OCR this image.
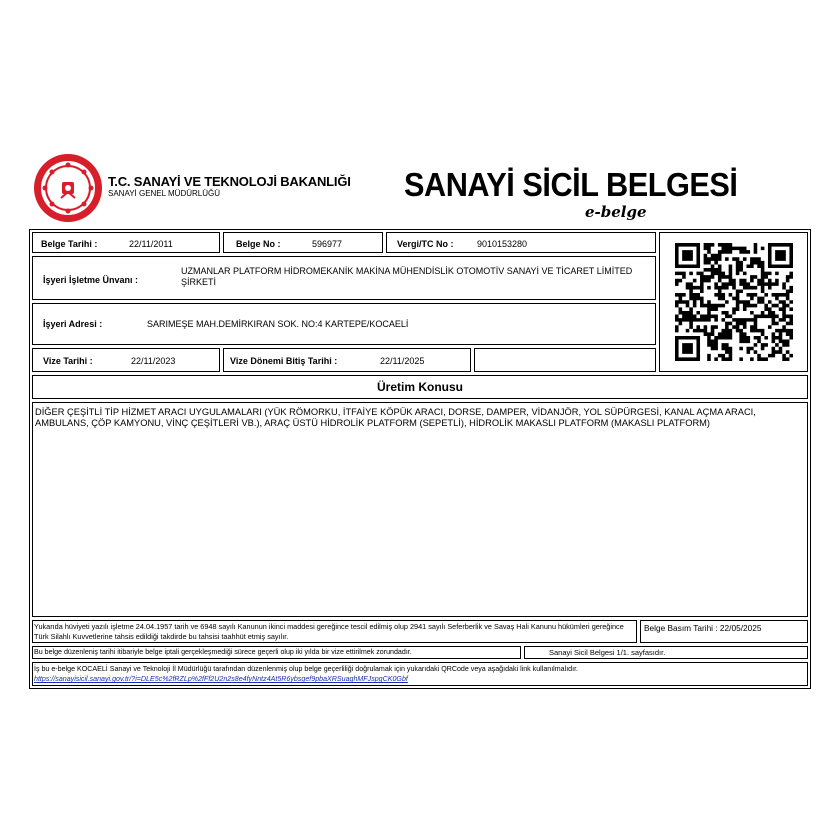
T.C. SANAYİ VE TEKNOLOJİ BAKANLIĞI
SANAYİ GENEL MÜDÜRLÜĞÜ	SANAYİ SİCİL BELGESİ
e-belge
Belge Tarihi :	22/11/2011	Belge No :	596977	Vergi/TC No :	9010153280
İşyeri İşletme Ünvanı :
UZMANLAR PLATFORM HİDROMEKANİK MAKİNA MÜHENDİSLİK OTOMOTİV SANAYİ VE TİCARET LİMİTED ŞİRKETİ
İşyeri Adresi :	SARIMEŞE MAH.DEMİRKIRAN SOK. NO:4 KARTEPE/KOCAELİ
Vize Tarihi :	22/11/2023	Vize Dönemi Bitiş Tarihi :	22/11/2025
Üretim Konusu
DİĞER ÇEŞİTLİ TİP HİZMET ARACI UYGULAMALARI (YÜK RÖMORKU, İTFAİYE KÖPÜK ARACI, DORSE, DAMPER, VİDANJÖR, YOL SÜPÜRGESİ, KANAL AÇMA ARACI, AMBULANS, ÇÖP KAMYONU, VİNÇ ÇEŞİTLERİ VB.), ARAÇ ÜSTÜ HİDROLİK PLATFORM (SEPETLİ), HİDROLİK MAKASLI PLATFORM (MAKASLI PLATFORM)
Yukarıda hüviyeti yazılı işletme 24.04.1957 tarih ve 6948 sayılı Kanunun ikinci maddesi gereğince tescil edilmiş olup 2941 sayılı Seferberlik ve Savaş Hali Kanunu hükümleri gereğince Türk Silahlı Kuvvetlerine tahsis edildiği takdirde bu tahsisi taahhüt etmiş sayılır.
Belge Basım Tarihi : 22/05/2025
Bu belge düzenleniş tarihi itibariyle belge iptali gerçekleşmediği sürece geçerli olup iki yılda bir vize ettirilmek zorundadır.	Sanayi Sicil Belgesi 1/1. sayfasıdır.
İş bu e-belge KOCAELİ Sanayi ve Teknoloji İl Müdürlüğü tarafından düzenlenmiş olup belge geçerliliği doğrulamak için yukarıdaki QRCode veya aşağıdaki link kullanılmalıdır.
https://sanayisicil.sanayi.gov.tr/?i=DLE5c%2fRZLp%2fFf2U2n2s8e4fyNntz4At5R6ybsgef9pbaXRSuaghMFJspgCK0Gbf
